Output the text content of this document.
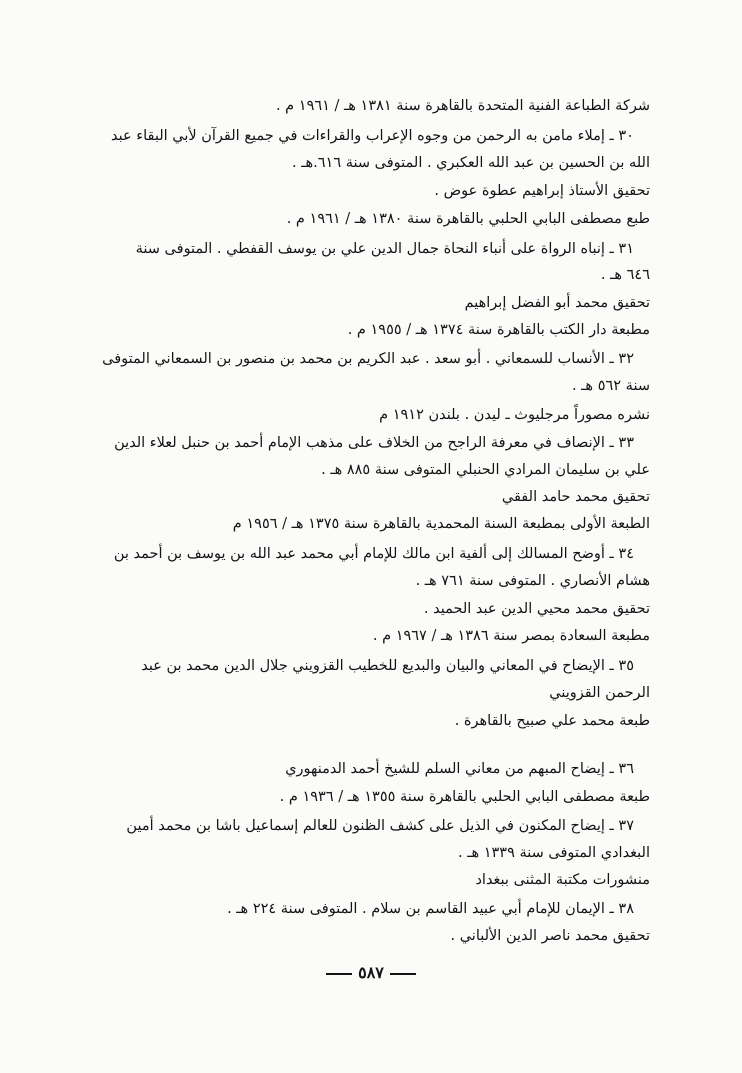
شركة الطباعة الفنية المتحدة بالقاهرة سنة ١٣٨١ هـ / ١٩٦١ م .
٣٠ ـ إملاء مامن به الرحمن من وجوه الإعراب والقراءات في جميع القرآن لأبي البقاء عبد
الله بن الحسين بن عبد الله العكبري . المتوفى سنة ٦١٦.هـ .
تحقيق الأستاذ إبراهيم عطوة عوض .
طبع مصطفى البابي الحلبي بالقاهرة سنة ١٣٨٠ هـ / ١٩٦١ م .
٣١ ـ إنباه الرواة على أنباء النحاة جمال الدين علي بن يوسف القفطي . المتوفى سنة
٦٤٦ هـ .
تحقيق محمد أبو الفضل إبراهيم
مطبعة دار الكتب بالقاهرة سنة ١٣٧٤ هـ / ١٩٥٥ م .
٣٢ ـ الأنساب للسمعاني . أبو سعد . عبد الكريم بن محمد بن منصور بن السمعاني المتوفى
سنة ٥٦٢ هـ .
نشره مصوراً مرجليوث ـ ليدن . بلندن ١٩١٢ م
٣٣ ـ الإنصاف في معرفة الراجح من الخلاف على مذهب الإمام أحمد بن حنبل لعلاء الدين
علي بن سليمان المرادي الحنبلي المتوفى سنة ٨٨٥ هـ .
تحقيق محمد حامد الفقي
الطبعة الأولى بمطبعة السنة المحمدية بالقاهرة سنة ١٣٧٥ هـ / ١٩٥٦ م
٣٤ ـ أوضح المسالك إلى ألفية ابن مالك للإمام أبي محمد عبد الله بن يوسف بن أحمد بن
هشام الأنصاري . المتوفى سنة ٧٦١ هـ .
تحقيق محمد محيي الدين عبد الحميد .
مطبعة السعادة بمصر سنة ١٣٨٦ هـ / ١٩٦٧ م .
٣٥ ـ الإيضاح في المعاني والبيان والبديع للخطيب القزويني جلال الدين محمد بن عبد
الرحمن القزويني
طبعة محمد علي صبيح بالقاهرة .
٣٦ ـ إيضاح المبهم من معاني السلم للشيخ أحمد الدمنهوري
طبعة مصطفى البابي الحلبي بالقاهرة سنة ١٣٥٥ هـ / ١٩٣٦ م .
٣٧ ـ إيضاح المكنون في الذيل على كشف الظنون للعالم إسماعيل باشا بن محمد أمين
البغدادي المتوفى سنة ١٣٣٩ هـ .
منشورات مكتبة المثنى ببغداد
٣٨ ـ الإيمان للإمام أبي عبيد القاسم بن سلام . المتوفى سنة ٢٢٤ هـ .
تحقيق محمد ناصر الدين الألباني .
٥٨٧
